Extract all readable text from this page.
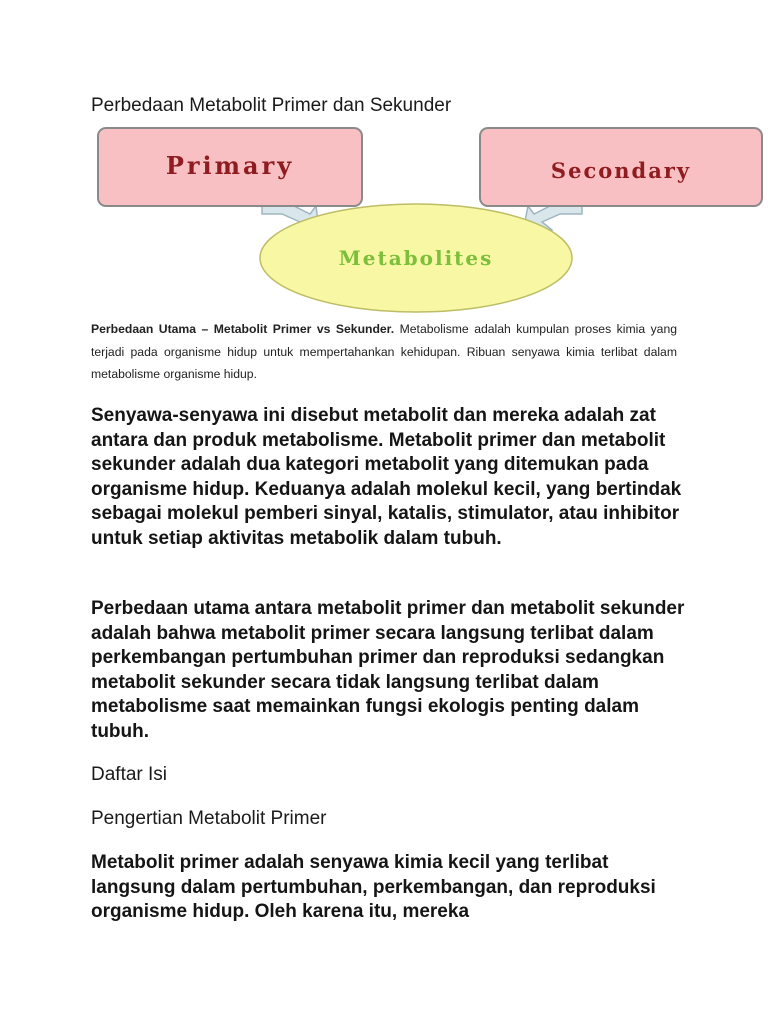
Perbedaan Metabolit Primer dan Sekunder
Primary	Secondary
Metabolites
Perbedaan Utama – Metabolit Primer vs Sekunder. Metabolisme adalah kumpulan proses kimia yang terjadi pada organisme hidup untuk mempertahankan kehidupan. Ribuan senyawa kimia terlibat dalam metabolisme organisme hidup.
Senyawa-senyawa ini disebut metabolit dan mereka adalah zat antara dan produk metabolisme. Metabolit primer dan metabolit sekunder adalah dua kategori metabolit yang ditemukan pada organisme hidup. Keduanya adalah molekul kecil, yang bertindak sebagai molekul pemberi sinyal, katalis, stimulator, atau inhibitor untuk setiap aktivitas metabolik dalam tubuh.
Perbedaan utama antara metabolit primer dan metabolit sekunder adalah bahwa metabolit primer secara langsung terlibat dalam perkembangan pertumbuhan primer dan reproduksi sedangkan metabolit sekunder secara tidak langsung terlibat dalam metabolisme saat memainkan fungsi ekologis penting dalam tubuh.
Daftar Isi
Pengertian Metabolit Primer
Metabolit primer adalah senyawa kimia kecil yang terlibat langsung dalam pertumbuhan, perkembangan, dan reproduksi organisme hidup. Oleh karena itu, mereka
